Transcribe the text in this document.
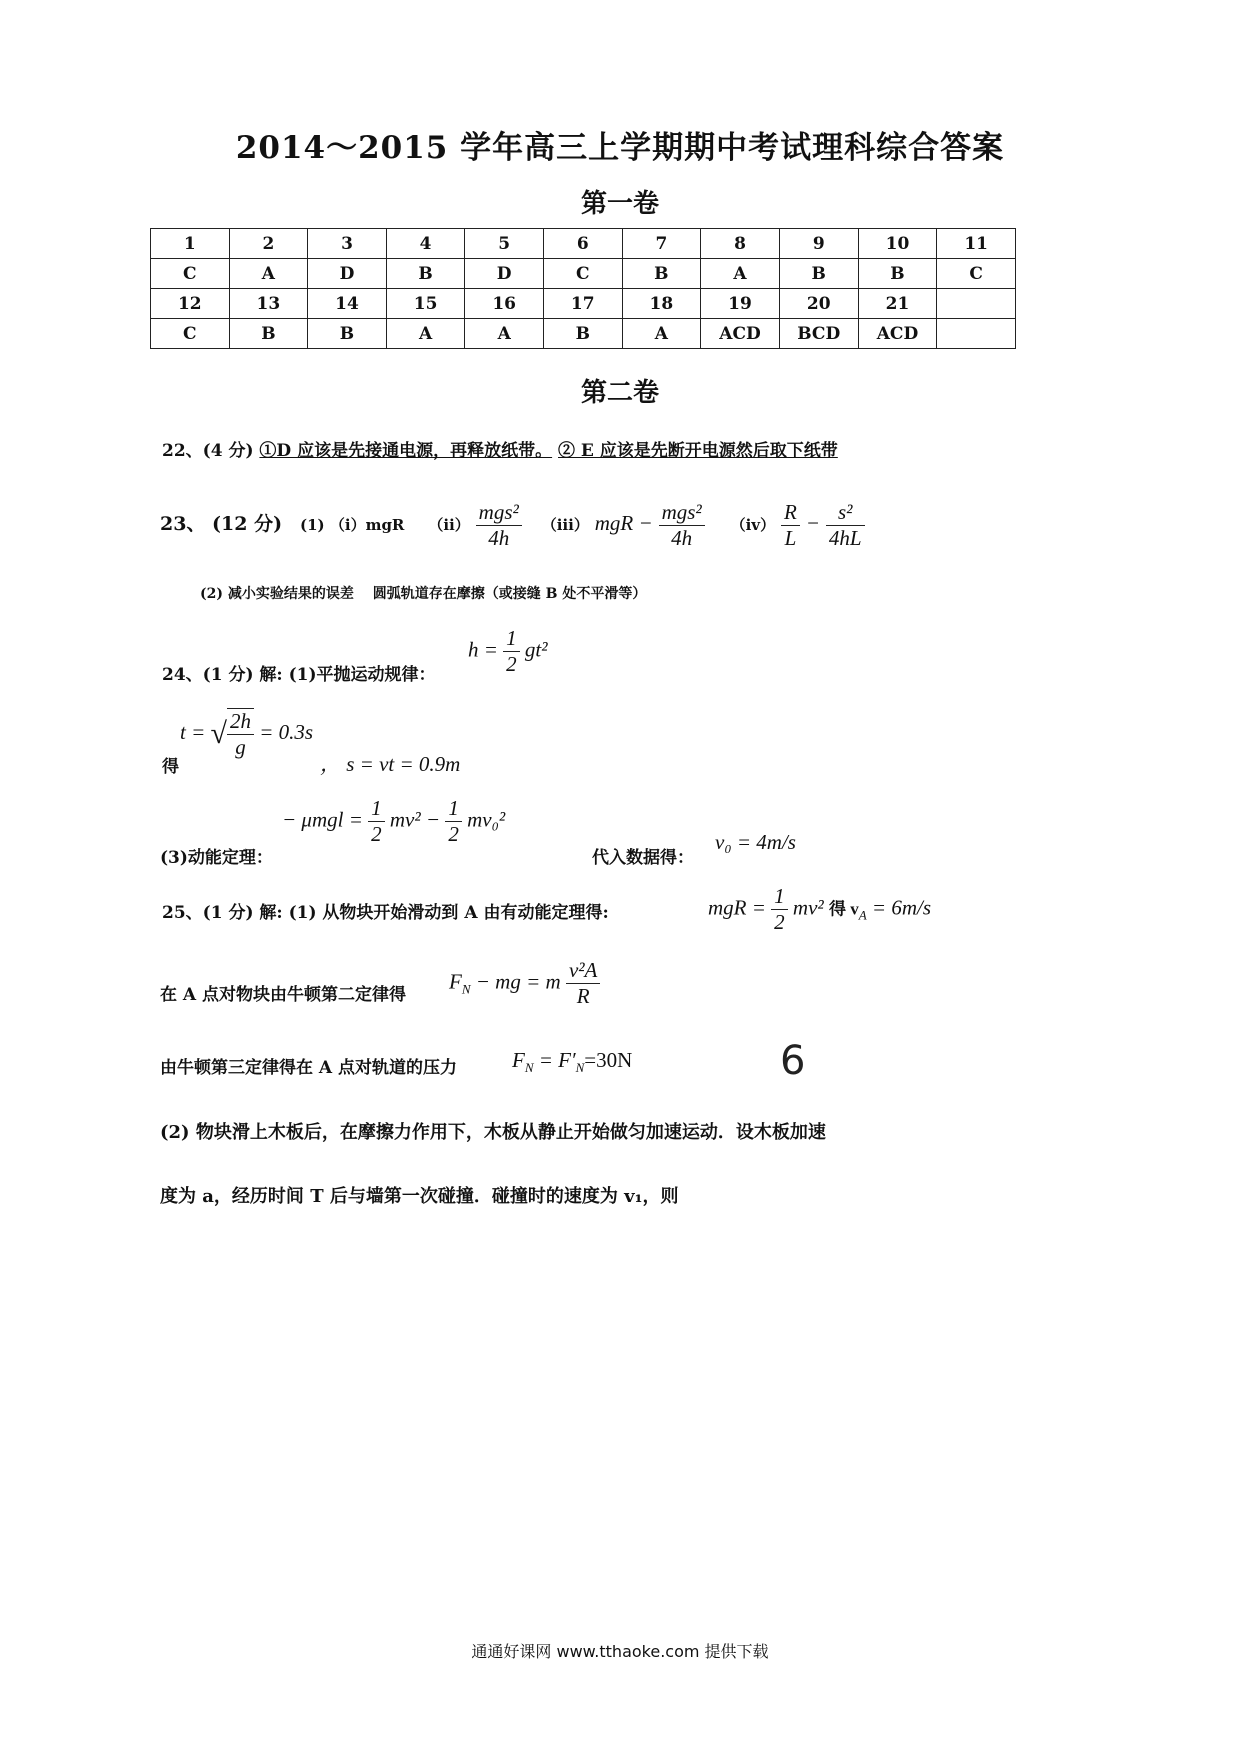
2014～2015 学年高三上学期期中考试理科综合答案
第一卷
1	2	3	4	5	6	7	8	9	10	11
C	A	D	B	D	C	B	A	B	B	C
12	13	14	15	16	17	18	19	20	21	
C	B	B	A	A	B	A	ACD	BCD	ACD	
第二卷
22、(4 分) ①D 应该是先接通电源，再释放纸带。 ② E 应该是先断开电源然后取下纸带
23、 (12 分) (1) （ⅰ）mgR （ⅱ） $\frac{\text{mgs²}}{4h}$ （ⅲ） mgR − $\frac{\text{mgs²}}{4h}$ （ⅳ） $\frac{R}{L} - \frac{\text{s²}}{4hL}$
(2) 减小实验结果的误差　 圆弧轨道存在摩擦（或接缝 B 处不平滑等）
$h = \frac{1}{2} gt^2$
24、(1 分) 解: (1)平抛运动规律：
t = √ $\frac{2h}{g} = 0.3s$
得	， s = vt = 0.9m
− $\mu mgl = \frac{1}{2} mv^2 - \frac{1}{2} mv_0^2$
(3)动能定理：	代入数据得：
v₀ = 4m/s
25、(1 分) 解: (1) 从物块开始滑动到 A 由有动能定理得:	mgR = $\frac{1}{2} mv^2$ 得 $v_A = 6m/s$
在 A 点对物块由牛顿第二定律得
$F_N$ − mg = m $\frac{\text{v²A}}{R}$
由牛顿第三定律得在 A 点对轨道的压力	$F_N = F'_N=30N$	6
(2) 物块滑上木板后，在摩擦力作用下，木板从静止开始做匀加速运动．设木板加速
度为 a，经历时间 T 后与墙第一次碰撞．碰撞时的速度为 v₁，则
通通好课网 www.tthaoke.com 提供下载
